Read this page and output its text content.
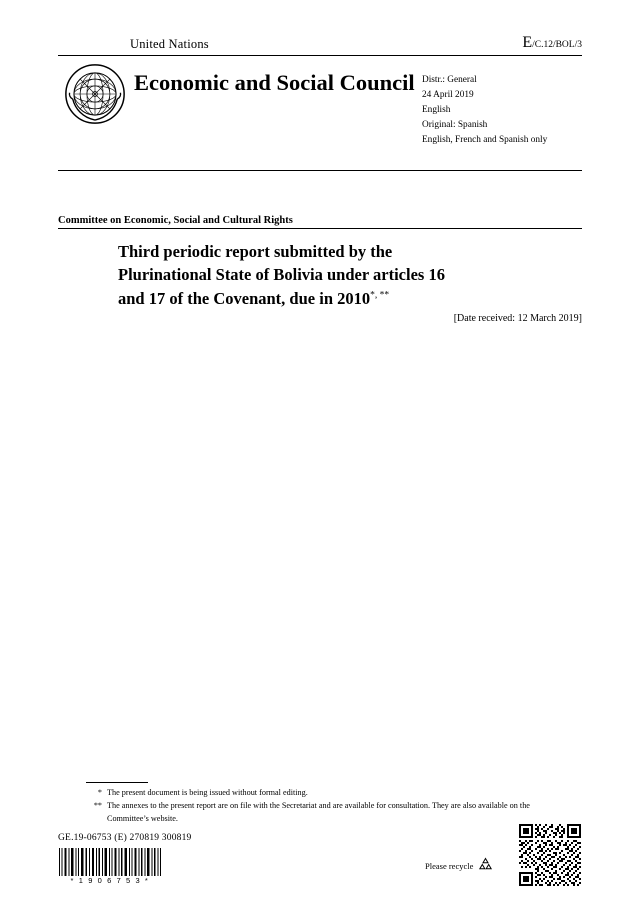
United Nations	E/C.12/BOL/3
Economic and Social Council Distr.: General
24 April 2019
English
Original: Spanish
English, French and Spanish only
Committee on Economic, Social and Cultural Rights
Third periodic report submitted by the
Plurinational State of Bolivia under articles 16
and 17 of the Covenant, due in 2010*, **
[Date received: 12 March 2019]
* The present document is being issued without formal editing.
** The annexes to the present report are on file with the Secretariat and are available for consultation. They are also available on the Committee’s website.
GE.19-06753 (E) 270819 300819
* 1 9 0 6 7 5 3 *
Please recycle
